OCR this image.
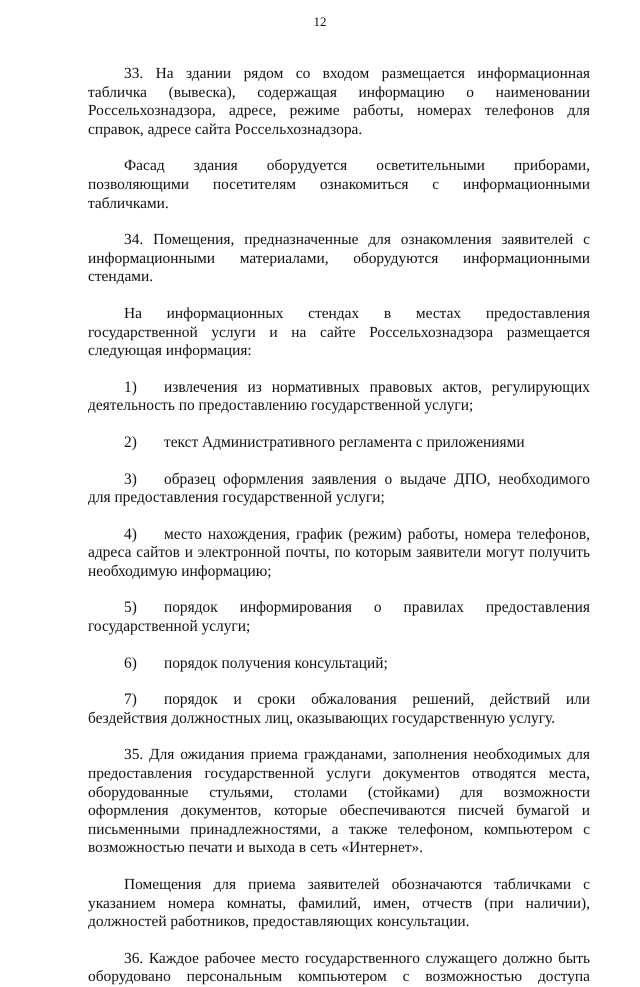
12

33. На здании рядом со входом размещается информационная табличка (вывеска), содержащая информацию о наименовании Россельхознадзора, адресе, режиме работы, номерах телефонов для справок, адресе сайта Россельхознадзора.

Фасад здания оборудуется осветительными приборами, позволяющими посетителям ознакомиться с информационными табличками.

34. Помещения, предназначенные для ознакомления заявителей с информационными материалами, оборудуются информационными стендами.

На информационных стендах в местах предоставления государственной услуги и на сайте Россельхознадзора размещается следующая информация:

1) извлечения из нормативных правовых актов, регулирующих деятельность по предоставлению государственной услуги;

2) текст Административного регламента с приложениями

3) образец оформления заявления о выдаче ДПО, необходимого для предоставления государственной услуги;

4) место нахождения, график (режим) работы, номера телефонов, адреса сайтов и электронной почты, по которым заявители могут получить необходимую информацию;

5) порядок информирования о правилах предоставления государственной услуги;

6) порядок получения консультаций;

7) порядок и сроки обжалования решений, действий или бездействия должностных лиц, оказывающих государственную услугу.

35. Для ожидания приема гражданами, заполнения необходимых для предоставления государственной услуги документов отводятся места, оборудованные стульями, столами (стойками) для возможности оформления документов, которые обеспечиваются писчей бумагой и письменными принадлежностями, а также телефоном, компьютером с возможностью печати и выхода в сеть «Интернет».

Помещения для приема заявителей обозначаются табличками с указанием номера комнаты, фамилий, имен, отчеств (при наличии), должностей работников, предоставляющих консультации.

36. Каждое рабочее место государственного служащего должно быть оборудовано персональным компьютером с возможностью доступа
